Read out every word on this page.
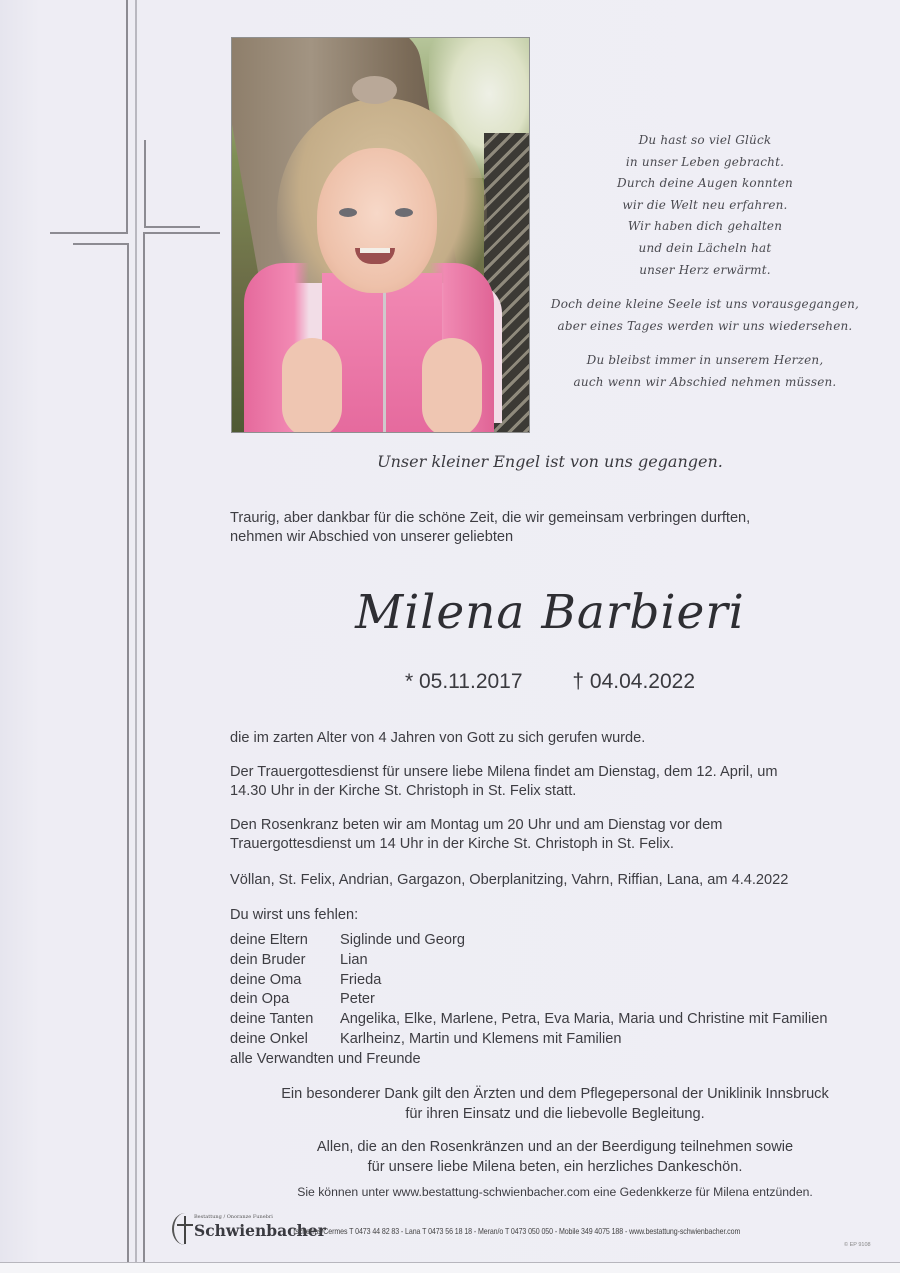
Du hast so viel Glück
in unser Leben gebracht.
Durch deine Augen konnten
wir die Welt neu erfahren.
Wir haben dich gehalten
und dein Lächeln hat
unser Herz erwärmt.

Doch deine kleine Seele ist uns vorausgegangen,
aber eines Tages werden wir uns wiedersehen.

Du bleibst immer in unserem Herzen,
auch wenn wir Abschied nehmen müssen.

Unser kleiner Engel ist von uns gegangen.

Traurig, aber dankbar für die schöne Zeit, die wir gemeinsam verbringen durften,

nehmen wir Abschied von unserer geliebten

Milena Barbieri
* 05.11.2017 † 04.04.2022
die im zarten Alter von 4 Jahren von Gott zu sich gerufen wurde.

Der Trauergottesdienst für unsere liebe Milena findet am Dienstag, dem 12. April, um

14.30 Uhr in der Kirche St. Christoph in St. Felix statt.

Den Rosenkranz beten wir am Montag um 20 Uhr und am Dienstag vor dem

Trauergottesdienst um 14 Uhr in der Kirche St. Christoph in St. Felix.

Völlan, St. Felix, Andrian, Gargazon, Oberplanitzing, Vahrn, Riffian, Lana, am 4.4.2022
Du wirst uns fehlen:
deine Eltern	Siglinde und Georg
dein Bruder	Lian
deine Oma	Frieda
dein Opa	Peter
deine Tanten	Angelika, Elke, Marlene, Petra, Eva Maria, Maria und Christine mit Familien
deine Onkel	Karlheinz, Martin und Klemens mit Familien
alle Verwandten und Freunde
Ein besonderer Dank gilt den Ärzten und dem Pflegepersonal der Uniklinik Innsbruck
für ihren Einsatz und die liebevolle Begleitung.
Allen, die an den Rosenkränzen und an der Beerdigung teilnehmen sowie
für unsere liebe Milena beten, ein herzliches Dankeschön.
Sie können unter www.bestattung-schwienbacher.com eine Gedenkkerze für Milena entzünden.
Bestattung / Onoranze Funebri
Schwienbacher
Tscherms/Cermes T 0473 44 82 83 - Lana T 0473 56 18 18 - Meran/o T 0473 050 050 - Mobile 349 4075 188 - www.bestattung-schwienbacher.com
© EP 9108
